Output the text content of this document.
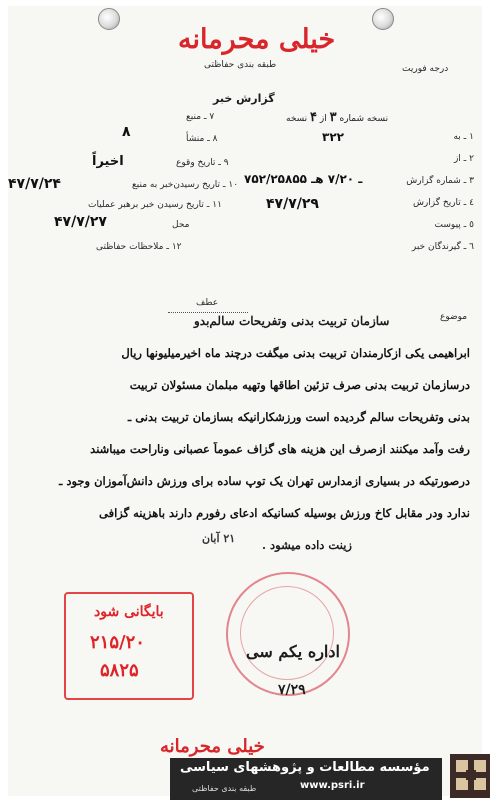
خیلی محرمانه
طبقه بندی حفاظتی	درجه فوریت
گزارش خبر
نسخه شماره ۳ از ۴ نسخه
۱ ـ به
۳۲۲
۲ ـ از
۳ ـ شماره گزارش
۷۵۲/۲۵۸۵۵ ـ ۷/۲۰ هـ
٤ ـ تاریخ گزارش
۴۷/۷/۲۹
٥ ـ پیوست
٦ ـ گیرندگان خبر
۷ ـ منبع
۸ ـ منشأ
۸
۹ ـ تاریخ وقوع
اخیراً
۱۰ ـ تاریخ رسیدن‌خبر به منبع
۴۷/۷/۲۴
۱۱ ـ تاریخ رسیدن خبر برهبر عملیات
محل
۴۷/۷/۲۷
۱۲ ـ ملاحظات حفاظتی
عطف
موضوع
سازمان تربیت بدنی وتفریحات سالم‌بدو
ابراهیمی یکی ازکارمندان تربیت بدنی میگفت درچند ماه اخیرمیلیونها ریال
درسازمان تربیت بدنی صرف تزئین اطاقها وتهیه مبلمان مسئولان تربیت
بدنی وتفریحات سالم گردیده است ورزشکارانیکه بسازمان تربیت بدنی ـ
رفت وآمد میکنند ازصرف این هزینه های گزاف عموماً عصبانی وناراحت میباشند
درصورتیکه در بسیاری ازمدارس تهران یک توپ ساده برای ورزش دانش‌آموزان وجود ـ
ندارد ودر مقابل کاخ ورزش بوسیله کسانیکه ادعای رفورم دارند باهزینه گزافی
زینت داده میشود .
۲۱ آبان
بایگانی شود
۲۱۵/۲۰
۵۸۲۵
اداره یکم سی
۷/۲۹
خیلی محرمانه
مؤسسه مطالعات و پژوهشهای سیاسی
www.psri.ir
طبقه بندی حفاظتی
